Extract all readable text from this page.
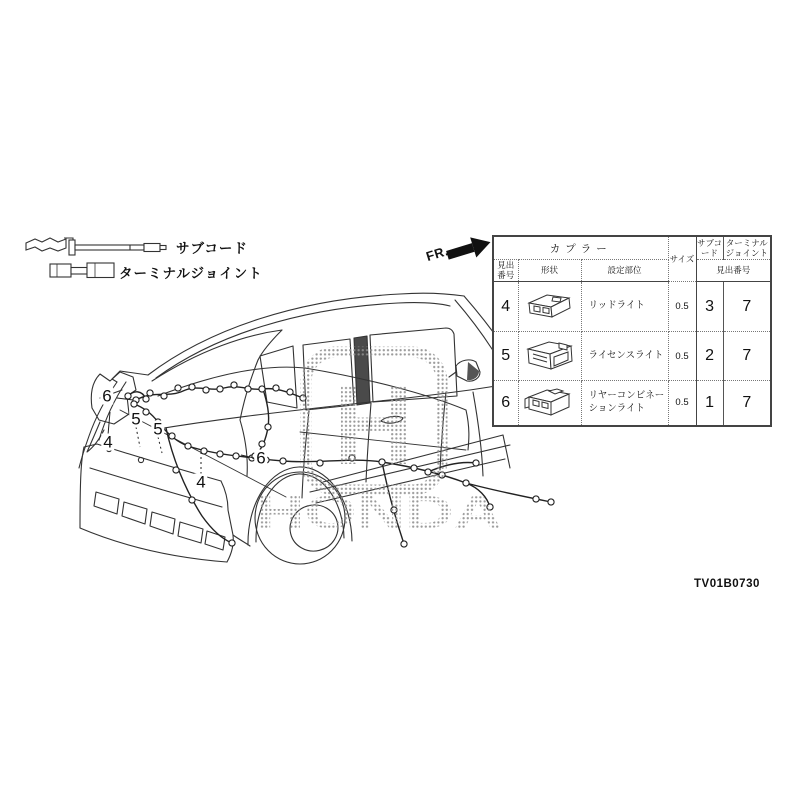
H
HONDA
サブコード
ターミナルジョイント
FR.
6
4
5
5
4
6
カプラー			サイズ	サブコード	ターミナルジョイント
見出番号	形状	設定部位		見出番号	
4		リッドライト	0.5	3	7
5		ライセンスライト	0.5	2	7
6		リヤーコンビネーションライト	0.5	1	7
TV01B0730
